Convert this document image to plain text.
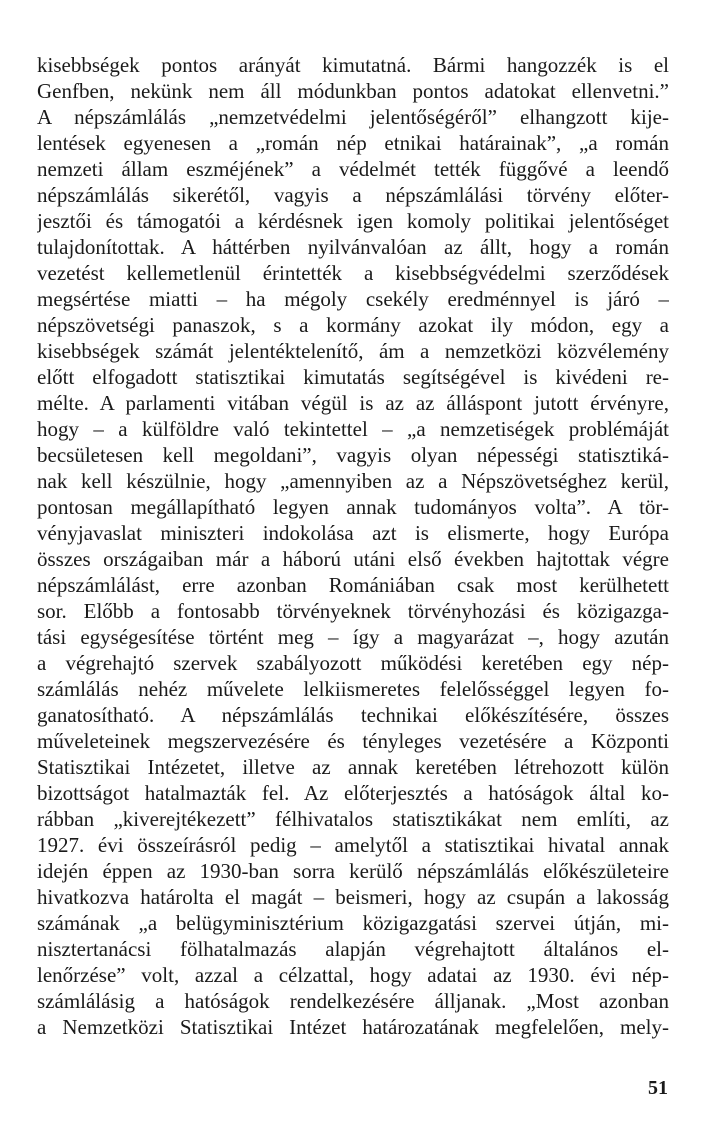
kisebbségek pontos arányát kimutatná. Bármi hangozzék is el
Genfben, nekünk nem áll módunkban pontos adatokat ellenvetni.”
A népszámlálás „nemzetvédelmi jelentőségéről” elhangzott kije-
lentések egyenesen a „román nép etnikai határainak”, „a román
nemzeti állam eszméjének” a védelmét tették függővé a leendő
népszámlálás sikerétől, vagyis a népszámlálási törvény előter-
jesztői és támogatói a kérdésnek igen komoly politikai jelentőséget
tulajdonítottak. A háttérben nyilvánvalóan az állt, hogy a román
vezetést kellemetlenül érintették a kisebbségvédelmi szerződések
megsértése miatti – ha mégoly csekély eredménnyel is járó –
népszövetségi panaszok, s a kormány azokat ily módon, egy a
kisebbségek számát jelentéktelenítő, ám a nemzetközi közvélemény
előtt elfogadott statisztikai kimutatás segítségével is kivédeni re-
mélte. A parlamenti vitában végül is az az álláspont jutott érvényre,
hogy – a külföldre való tekintettel – „a nemzetiségek problémáját
becsületesen kell megoldani”, vagyis olyan népességi statisztiká-
nak kell készülnie, hogy „amennyiben az a Népszövetséghez kerül,
pontosan megállapítható legyen annak tudományos volta”. A tör-
vényjavaslat miniszteri indokolása azt is elismerte, hogy Európa
összes országaiban már a háború utáni első években hajtottak végre
népszámlálást, erre azonban Romániában csak most kerülhetett
sor. Előbb a fontosabb törvényeknek törvényhozási és közigazga-
tási egységesítése történt meg – így a magyarázat –, hogy azután
a végrehajtó szervek szabályozott működési keretében egy nép-
számlálás nehéz művelete lelkiismeretes felelősséggel legyen fo-
ganatosítható. A népszámlálás technikai előkészítésére, összes
műveleteinek megszervezésére és tényleges vezetésére a Központi
Statisztikai Intézetet, illetve az annak keretében létrehozott külön
bizottságot hatalmazták fel. Az előterjesztés a hatóságok által ko-
rábban „kiverejtékezett” félhivatalos statisztikákat nem említi, az
1927. évi összeírásról pedig – amelytől a statisztikai hivatal annak
idején éppen az 1930-ban sorra kerülő népszámlálás előkészületeire
hivatkozva határolta el magát – beismeri, hogy az csupán a lakosság
számának „a belügyminisztérium közigazgatási szervei útján, mi-
nisztertanácsi fölhatalmazás alapján végrehajtott általános el-
lenőrzése” volt, azzal a célzattal, hogy adatai az 1930. évi nép-
számlálásig a hatóságok rendelkezésére álljanak. „Most azonban
a Nemzetközi Statisztikai Intézet határozatának megfelelően, mely-
51
